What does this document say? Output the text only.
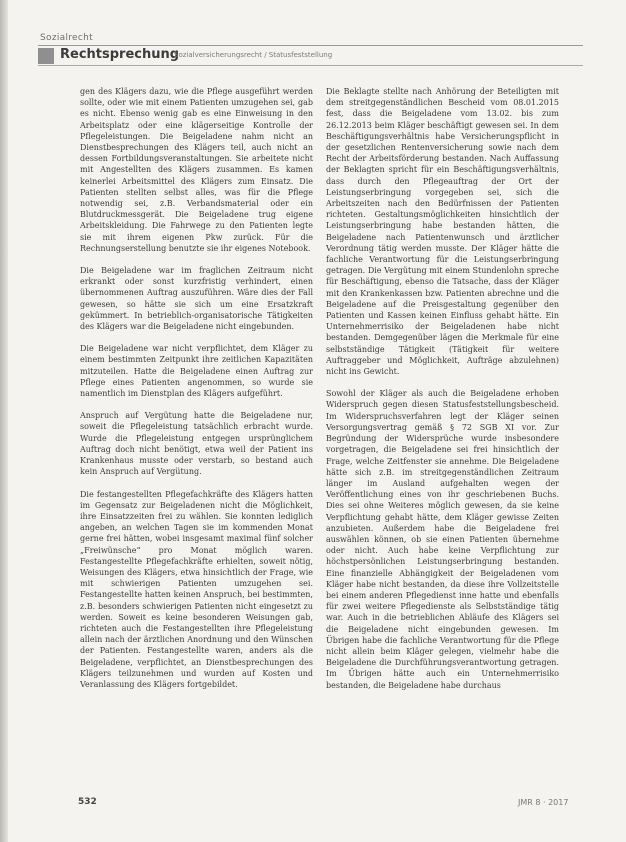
Sozialrecht
Rechtsprechung
Sozialversicherungsrecht / Statusfeststellung

gen des Klägers dazu, wie die Pflege ausgeführt werden sollte, oder wie mit einem Patienten umzugehen sei, gab es nicht. Ebenso wenig gab es eine Einweisung in den Arbeitsplatz oder eine klägerseitige Kontrolle der Pflegeleistungen. Die Beigeladene nahm nicht an Dienstbesprechungen des Klägers teil, auch nicht an dessen Fortbildungsveranstaltungen. Sie arbeitete nicht mit Angestellten des Klägers zusammen. Es kamen keinerlei Arbeitsmittel des Klägers zum Einsatz. Die Patienten stellten selbst alles, was für die Pflege notwendig sei, z.B. Verbandsmaterial oder ein Blutdruckmessgerät. Die Beigeladene trug eigene Arbeitskleidung. Die Fahrwege zu den Patienten legte sie mit ihrem eigenen Pkw zurück. Für die Rechnungserstellung benutzte sie ihr eigenes Notebook.

Die Beigeladene war im fraglichen Zeitraum nicht erkrankt oder sonst kurzfristig verhindert, einen übernommenen Auftrag auszuführen. Wäre dies der Fall gewesen, so hätte sie sich um eine Ersatzkraft gekümmert. In betrieblich-organisatorische Tätigkeiten des Klägers war die Beigeladene nicht eingebunden.

Die Beigeladene war nicht verpflichtet, dem Kläger zu einem bestimmten Zeitpunkt ihre zeitlichen Kapazitäten mitzuteilen. Hatte die Beigeladene einen Auftrag zur Pflege eines Patienten angenommen, so wurde sie namentlich im Dienstplan des Klägers aufgeführt.

Anspruch auf Vergütung hatte die Beigeladene nur, soweit die Pflegeleistung tatsächlich erbracht wurde. Wurde die Pflegeleistung entgegen ursprünglichem Auftrag doch nicht benötigt, etwa weil der Patient ins Krankenhaus musste oder verstarb, so bestand auch kein Anspruch auf Vergütung.

Die festangestellten Pflegefachkräfte des Klägers hatten im Gegensatz zur Beigeladenen nicht die Möglichkeit, ihre Einsatzzeiten frei zu wählen. Sie konnten lediglich angeben, an welchen Tagen sie im kommenden Monat gerne frei hätten, wobei insgesamt maximal fünf solcher „Freiwünsche“ pro Monat möglich waren. Festangestellte Pflegefachkräfte erhielten, soweit nötig, Weisungen des Klägers, etwa hinsichtlich der Frage, wie mit schwierigen Patienten umzugehen sei. Festangestellte hatten keinen Anspruch, bei bestimmten, z.B. besonders schwierigen Patienten nicht eingesetzt zu werden. Soweit es keine besonderen Weisungen gab, richteten auch die Festangestellten ihre Pflegeleistung allein nach der ärztlichen Anordnung und den Wünschen der Patienten. Festangestellte waren, anders als die Beigeladene, verpflichtet, an Dienstbesprechungen des Klägers teilzunehmen und wurden auf Kosten und Veranlassung des Klägers fortgebildet.

Die Beklagte stellte nach Anhörung der Beteiligten mit dem streitgegenständlichen Bescheid vom 08.01.2015 fest, dass die Beigeladene vom 13.02. bis zum 26.12.2013 beim Kläger beschäftigt gewesen sei. In dem Beschäftigungsverhältnis habe Versicherungspflicht in der gesetzlichen Rentenversicherung sowie nach dem Recht der Arbeitsförderung bestanden. Nach Auffassung der Beklagten spricht für ein Beschäftigungsverhältnis, dass durch den Pflegeauftrag der Ort der Leistungserbringung vorgegeben sei, sich die Arbeitszeiten nach den Bedürfnissen der Patienten richteten. Gestaltungsmöglichkeiten hinsichtlich der Leistungserbringung habe bestanden hätten, die Beigeladene nach Patientenwunsch und ärztlicher Verordnung tätig werden musste. Der Kläger hätte die fachliche Verantwortung für die Leistungserbringung getragen. Die Vergütung mit einem Stundenlohn spreche für Beschäftigung, ebenso die Tatsache, dass der Kläger mit den Krankenkassen bzw. Patienten abrechne und die Beigeladene auf die Preisgestaltung gegenüber den Patienten und Kassen keinen Einfluss gehabt hätte. Ein Unternehmerrisiko der Beigeladenen habe nicht bestanden. Demgegenüber lägen die Merkmale für eine selbstständige Tätigkeit (Tätigkeit für weitere Auftraggeber und Möglichkeit, Aufträge abzulehnen) nicht ins Gewicht.

Sowohl der Kläger als auch die Beigeladene erhoben Widerspruch gegen diesen Statusfeststellungsbescheid. Im Widerspruchsverfahren legt der Kläger seinen Versorgungsvertrag gemäß § 72 SGB XI vor. Zur Begründung der Widersprüche wurde insbesondere vorgetragen, die Beigeladene sei frei hinsichtlich der Frage, welche Zeitfenster sie annehme. Die Beigeladene hätte sich z.B. im streitgegenständlichen Zeitraum länger im Ausland aufgehalten wegen der Veröffentlichung eines von ihr geschriebenen Buchs. Dies sei ohne Weiteres möglich gewesen, da sie keine Verpflichtung gehabt hätte, dem Kläger gewisse Zeiten anzubieten. Außerdem habe die Beigeladene frei auswählen können, ob sie einen Patienten übernehme oder nicht. Auch habe keine Verpflichtung zur höchstpersönlichen Leistungserbringung bestanden. Eine finanzielle Abhängigkeit der Beigeladenen vom Kläger habe nicht bestanden, da diese ihre Vollzeitstelle bei einem anderen Pflegedienst inne hatte und ebenfalls für zwei weitere Pflegedienste als Selbstständige tätig war. Auch in die betrieblichen Abläufe des Klägers sei die Beigeladene nicht eingebunden gewesen. Im Übrigen habe die fachliche Verantwortung für die Pflege nicht allein beim Kläger gelegen, vielmehr habe die Beigeladene die Durchführungsverantwortung getragen. Im Übrigen hätte auch ein Unternehmerrisiko bestanden, die Beigeladene habe durchaus

532	JMR 8 · 2017
